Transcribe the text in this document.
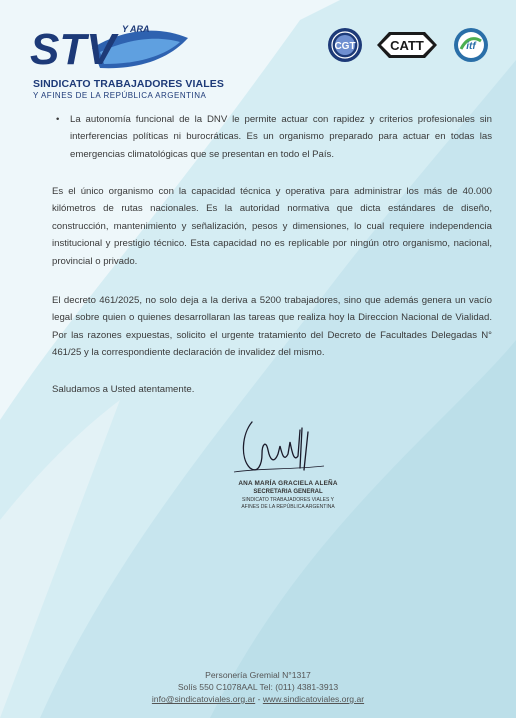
STV Y ARA
SINDICATO TRABAJADORES VIALES
Y AFINES DE LA REPÚBLICA ARGENTINA
CGT	CATT	itf
• La autonomía funcional de la DNV le permite actuar con rapidez y criterios profesionales sin interferencias políticas ni burocráticas. Es un organismo preparado para actuar en todas las emergencias climatológicas que se presentan en todo el País.
Es el único organismo con la capacidad técnica y operativa para administrar los más de 40.000 kilómetros de rutas nacionales. Es la autoridad normativa que dicta estándares de diseño, construcción, mantenimiento y señalización, pesos y dimensiones, lo cual requiere independencia institucional y prestigio técnico. Esta capacidad no es replicable por ningún otro organismo, nacional, provincial o privado.
El decreto 461/2025, no solo deja a la deriva a 5200 trabajadores, sino que además genera un vacío legal sobre quien o quienes desarrollaran las tareas que realiza hoy la Direccion Nacional de Vialidad. Por las razones expuestas, solicito el urgente tratamiento del Decreto de Facultades Delegadas N° 461/25 y la correspondiente declaración de invalidez del mismo.
Saludamos a Usted atentamente.
ANA MARÍA GRACIELA ALEÑA
SECRETARIA GENERAL
SINDICATO TRABAJADORES VIALES Y
AFINES DE LA REPÚBLICA ARGENTINA
Personería Gremial N°1317
Solís 550 C1078AAL Tel: (011) 4381-3913
info@sindicatoviales.org.ar - www.sindicatoviales.org.ar
